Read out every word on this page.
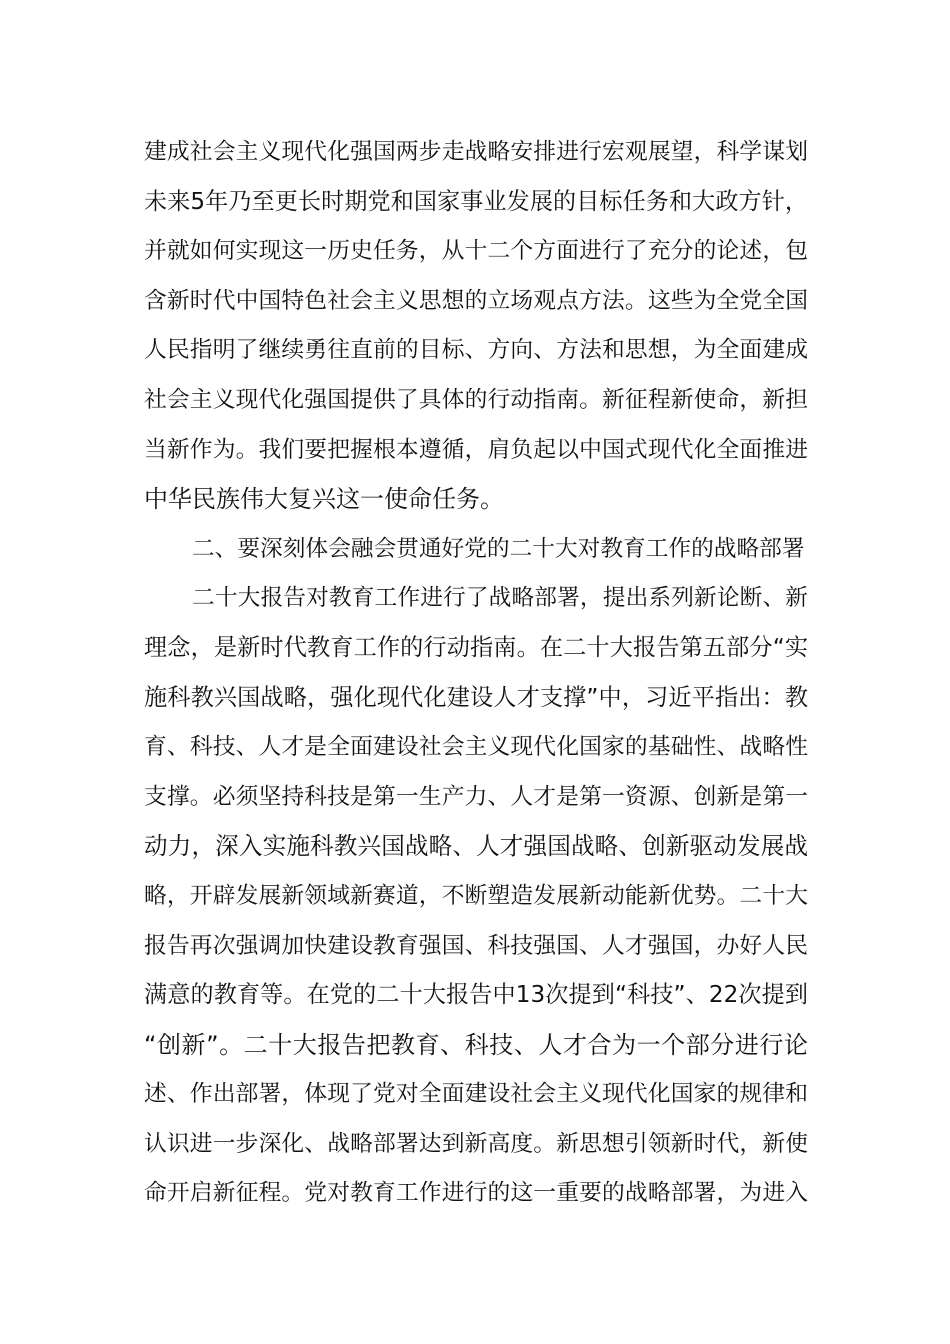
建成社会主义现代化强国两步走战略安排进行宏观展望，科学谋划
未来5年乃至更长时期党和国家事业发展的目标任务和大政方针，
并就如何实现这一历史任务，从十二个方面进行了充分的论述，包
含新时代中国特色社会主义思想的立场观点方法。这些为全党全国
人民指明了继续勇往直前的目标、方向、方法和思想，为全面建成
社会主义现代化强国提供了具体的行动指南。新征程新使命，新担
当新作为。我们要把握根本遵循，肩负起以中国式现代化全面推进
中华民族伟大复兴这一使命任务。
二、要深刻体会融会贯通好党的二十大对教育工作的战略部署
二十大报告对教育工作进行了战略部署，提出系列新论断、新
理念，是新时代教育工作的行动指南。在二十大报告第五部分“实
施科教兴国战略，强化现代化建设人才支撑”中，习近平指出：教
育、科技、人才是全面建设社会主义现代化国家的基础性、战略性
支撑。必须坚持科技是第一生产力、人才是第一资源、创新是第一
动力，深入实施科教兴国战略、人才强国战略、创新驱动发展战
略，开辟发展新领域新赛道，不断塑造发展新动能新优势。二十大
报告再次强调加快建设教育强国、科技强国、人才强国，办好人民
满意的教育等。在党的二十大报告中13次提到“科技”、22次提到
“创新”。二十大报告把教育、科技、人才合为一个部分进行论
述、作出部署，体现了党对全面建设社会主义现代化国家的规律和
认识进一步深化、战略部署达到新高度。新思想引领新时代，新使
命开启新征程。党对教育工作进行的这一重要的战略部署，为进入
